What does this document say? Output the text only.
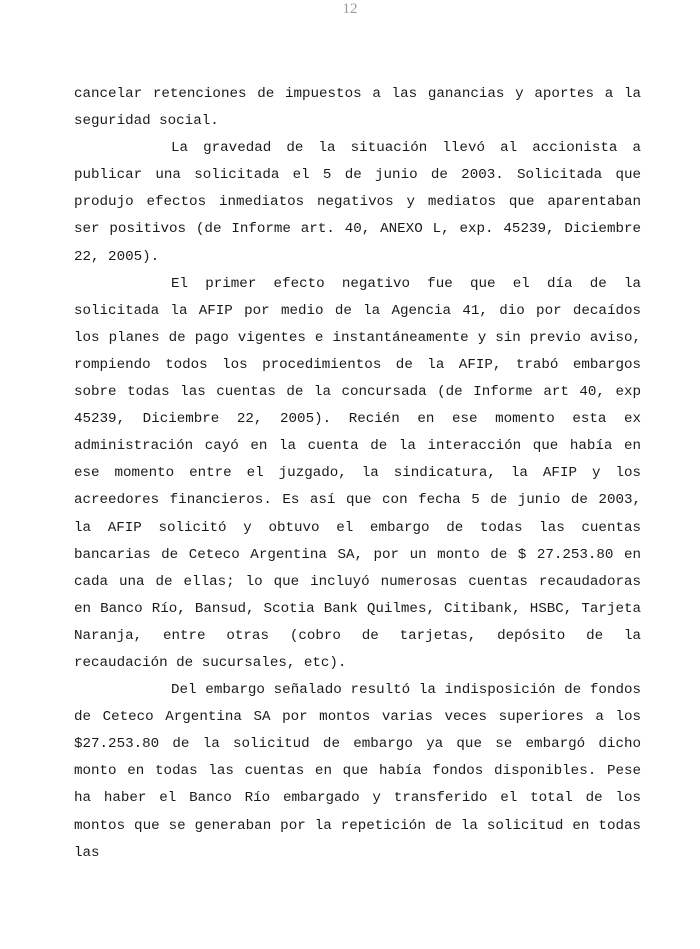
12

cancelar retenciones de impuestos a las ganancias y aportes a la seguridad social.

La gravedad de la situación llevó al accionista a publicar una solicitada el 5 de junio de 2003. Solicitada que produjo efectos inmediatos negativos y mediatos que aparentaban ser positivos (de Informe art. 40, ANEXO L, exp. 45239, Diciembre 22, 2005).

El primer efecto negativo fue que el día de la solicitada la AFIP por medio de la Agencia 41, dio por decaídos los planes de pago vigentes e instantáneamente y sin previo aviso, rompiendo todos los procedimientos de la AFIP, trabó embargos sobre todas las cuentas de la concursada (de Informe art 40, exp 45239, Diciembre 22, 2005). Recién en ese momento esta ex administración cayó en la cuenta de la interacción que había en ese momento entre el juzgado, la sindicatura, la AFIP y los acreedores financieros. Es así que con fecha 5 de junio de 2003, la AFIP solicitó y obtuvo el embargo de todas las cuentas bancarias de Ceteco Argentina SA, por un monto de $ 27.253.80 en cada una de ellas; lo que incluyó numerosas cuentas recaudadoras en Banco Río, Bansud, Scotia Bank Quilmes, Citibank, HSBC, Tarjeta Naranja, entre otras (cobro de tarjetas, depósito de la recaudación de sucursales, etc).

Del embargo señalado resultó la indisposición de fondos de Ceteco Argentina SA por montos varias veces superiores a los $27.253.80 de la solicitud de embargo ya que se embargó dicho monto en todas las cuentas en que había fondos disponibles. Pese ha haber el Banco Río embargado y transferido el total de los montos que se generaban por la repetición de la solicitud en todas las
